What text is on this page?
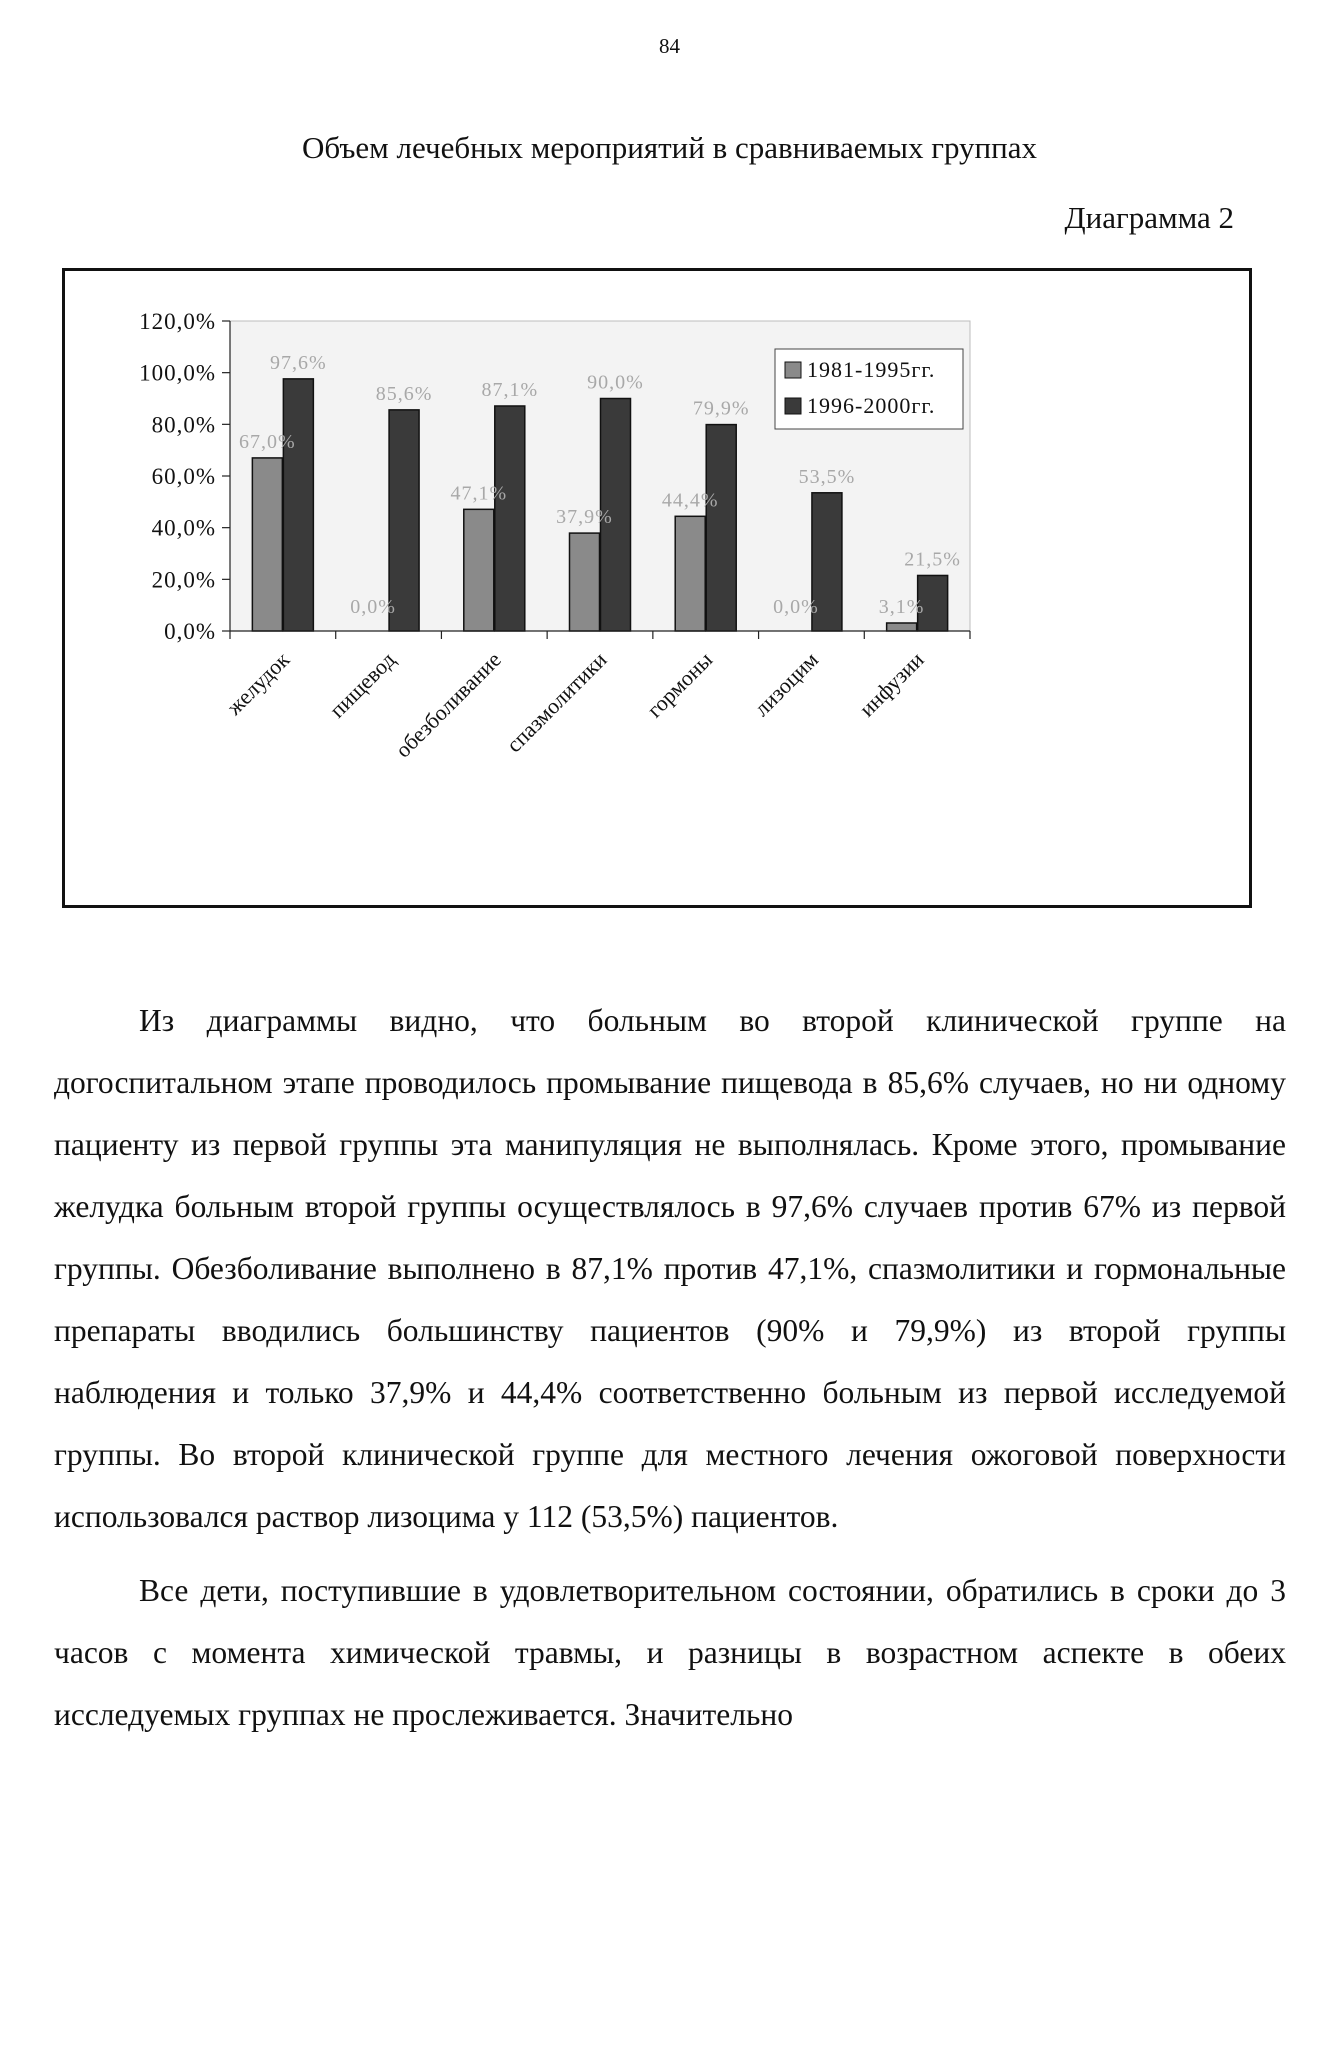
84
Объем лечебных мероприятий в сравниваемых группах
Диаграмма 2
0,0%
20,0%
40,0%
60,0%
80,0%
100,0%
120,0%
67,0%
97,6%
0,0%
85,6%
47,1%
87,1%
37,9%
90,0%
44,4%
79,9%
0,0%
53,5%
3,1%
21,5%
желудок пищевод
обезболивание
спазмолитики гормоны лизоцим инфузии
1981-1995гг.
1996-2000гг.

Из диаграммы видно, что больным во второй клинической группе на догоспитальном этапе проводилось промывание пищевода в 85,6% случаев, но ни одному пациенту из первой группы эта манипуляция не выполнялась. Кроме этого, промывание желудка больным второй группы осуществлялось в 97,6% случаев против 67% из первой группы. Обезболивание выполнено в 87,1% против 47,1%, спазмолитики и гормональные препараты вводились большинству пациентов (90% и 79,9%) из второй группы наблюдения и только 37,9% и 44,4% соответственно больным из первой исследуемой группы. Во второй клинической группе для местного лечения ожоговой поверхности использовался раствор лизоцима у 112 (53,5%) пациентов.

Все дети, поступившие в удовлетворительном состоянии, обратились в сроки до 3 часов с момента химической травмы, и разницы в возрастном аспекте в обеих исследуемых группах не прослеживается. Значительно
